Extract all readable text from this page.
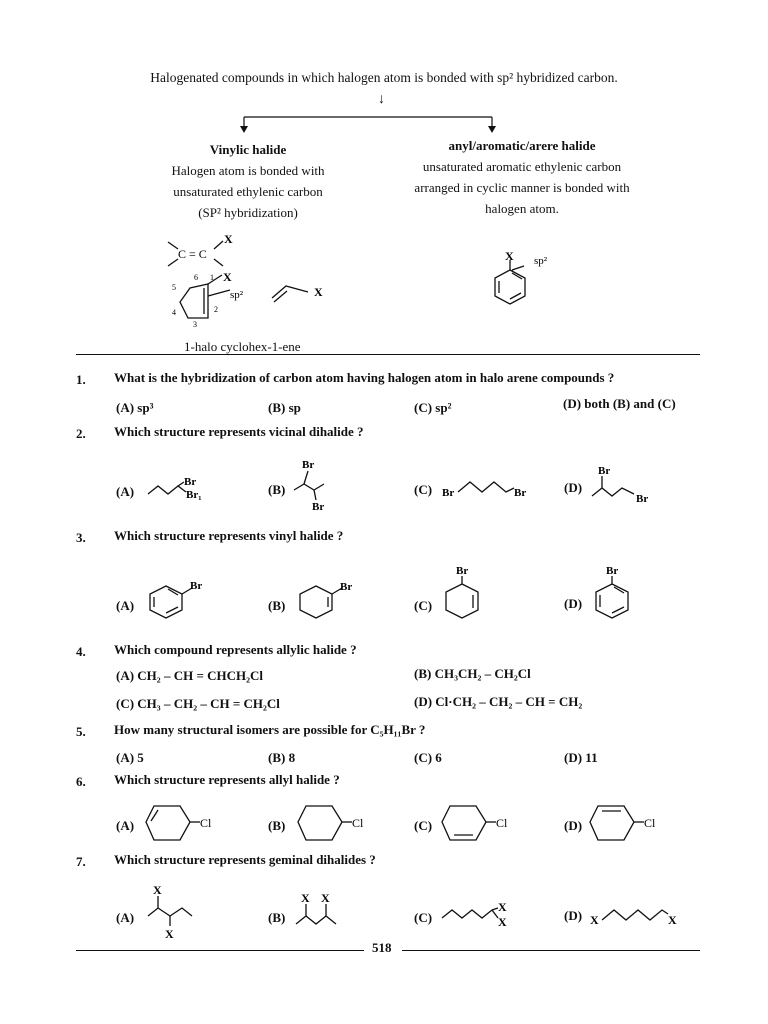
Halogenated compounds in which halogen atom is bonded with sp² hybridized carbon.
↓
Vinylic halide
Halogen atom is bonded with
unsaturated ethylenic carbon
(SP² hybridization)
anyl/aromatic/arere halide
unsaturated aromatic ethylenic carbon
arranged in cyclic manner is bonded with
halogen atom.
C = C
X
X
sp²
6 1
5
4	2
3
X
1-halo cyclohex-1-ene
X sp²
1. What is the hybridization of carbon atom having halogen atom in halo arene compounds ?
(A) sp³	(B) sp	(C) sp²	(D) both (B) and (C)
2. Which structure represents vicinal dihalide ?
(A)	(B)	(C)	(D)
Br
Br₁
Br
Br
Br	Br
Br
Br
3. Which structure represents vinyl halide ?
(A)	(B)	(C)	(D)
Br	Br
Br	Br
4. Which compound represents allylic halide ?
(A) CH₂ – CH = CHCH₂Cl	(B) CH₃CH₂ – CH₂Cl
(C) CH₃ – CH₂ – CH = CH₂Cl	(D) Cl·CH₂ – CH₂ – CH = CH₂
5. How many structural isomers are possible for C₅H₁₁Br ?
(A) 5	(B) 8	(C) 6	(D) 11
6. Which structure represents allyl halide ?
(A)	(B)	(C)	(D)
Cl	Cl	Cl	Cl
7. Which structure represents geminal dihalides ?
(A)	(B)	(C)	(D)
X
X
X X
X
X	X	X
518
